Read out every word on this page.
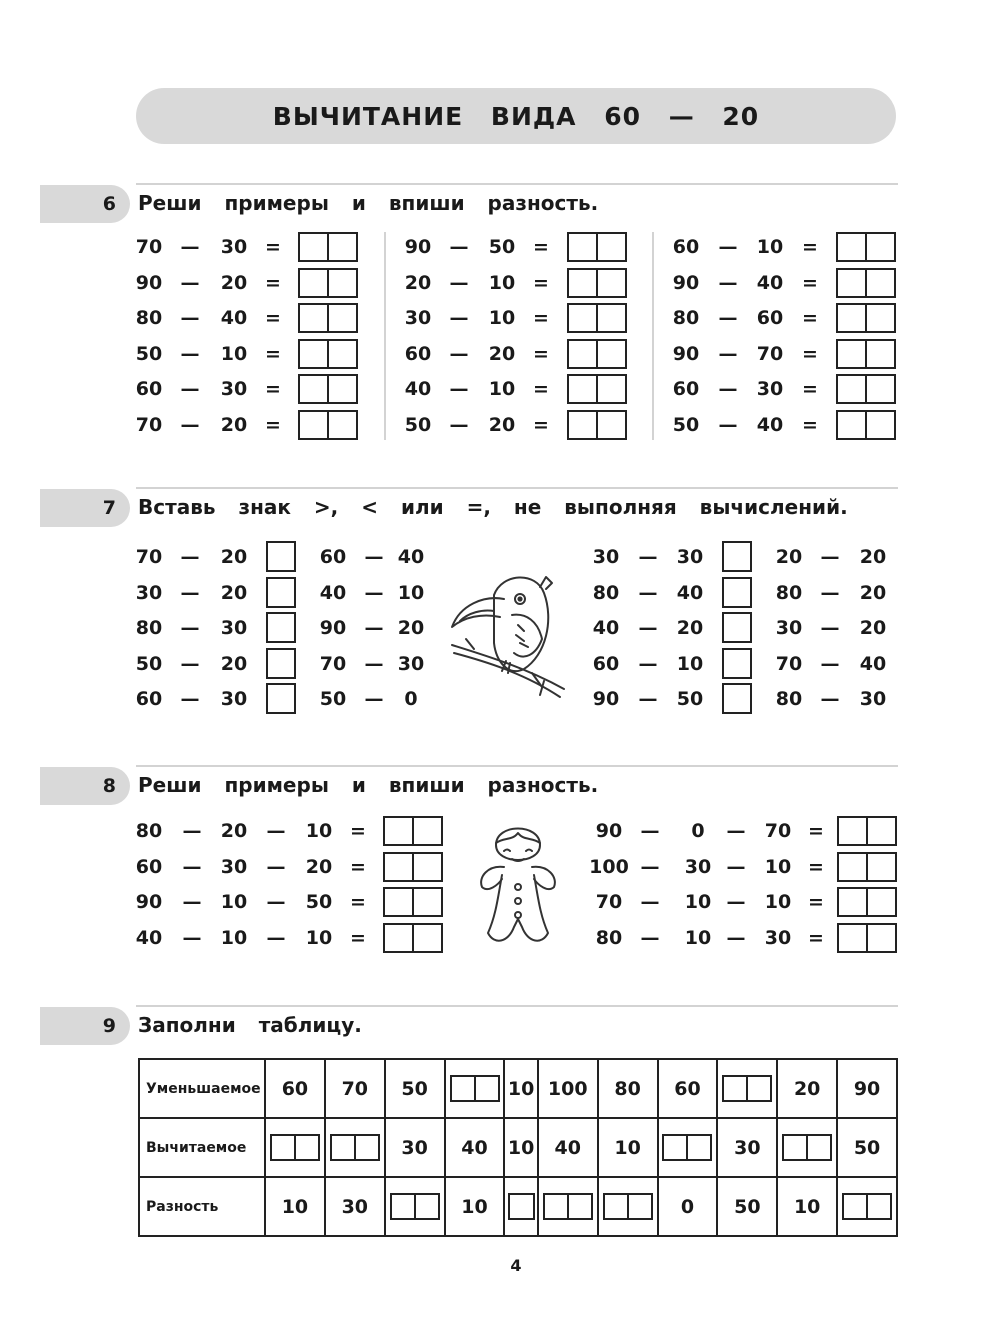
ВЫЧИТАНИЕ ВИДА 60 — 20
6 Реши примеры и впиши разность.
70 — 30 =
90 — 20 =
80 — 40 =
50 — 10 =
60 — 30 =
70 — 20 =
90 — 50 =
20 — 10 =
30 — 10 =
60 — 20 =
40 — 10 =
50 — 20 =
60 — 10 =
90 — 40 =
80 — 60 =
90 — 70 =
60 — 30 =
50 — 40 =
7 Вставь знак >, < или =, не выполняя вычислений.
70 — 20	60 — 40
30 — 20	40 — 10
80 — 30	90 — 20
50 — 20	70 — 30
60 — 30	50 — 0
30 — 30	20 — 20
80 — 40	80 — 20
40 — 20	30 — 20
60 — 10	70 — 40
90 — 50	80 — 30
8 Реши примеры и впиши разность.
80 — 20 — 10 =
60 — 30 — 20 =
90 — 10 — 50 =
40 — 10 — 10 =
90 — 0 — 70 =
100 — 30 — 10 =
70 — 10 — 10 =
80 — 10 — 30 =
9 Заполни таблицу.
Уменьшаемое	60	70	50		10	100	80	60		20	90
Вычитаемое			30	40	10	40	10		30		50
Разность	10	30		10				0	50	10	
4
